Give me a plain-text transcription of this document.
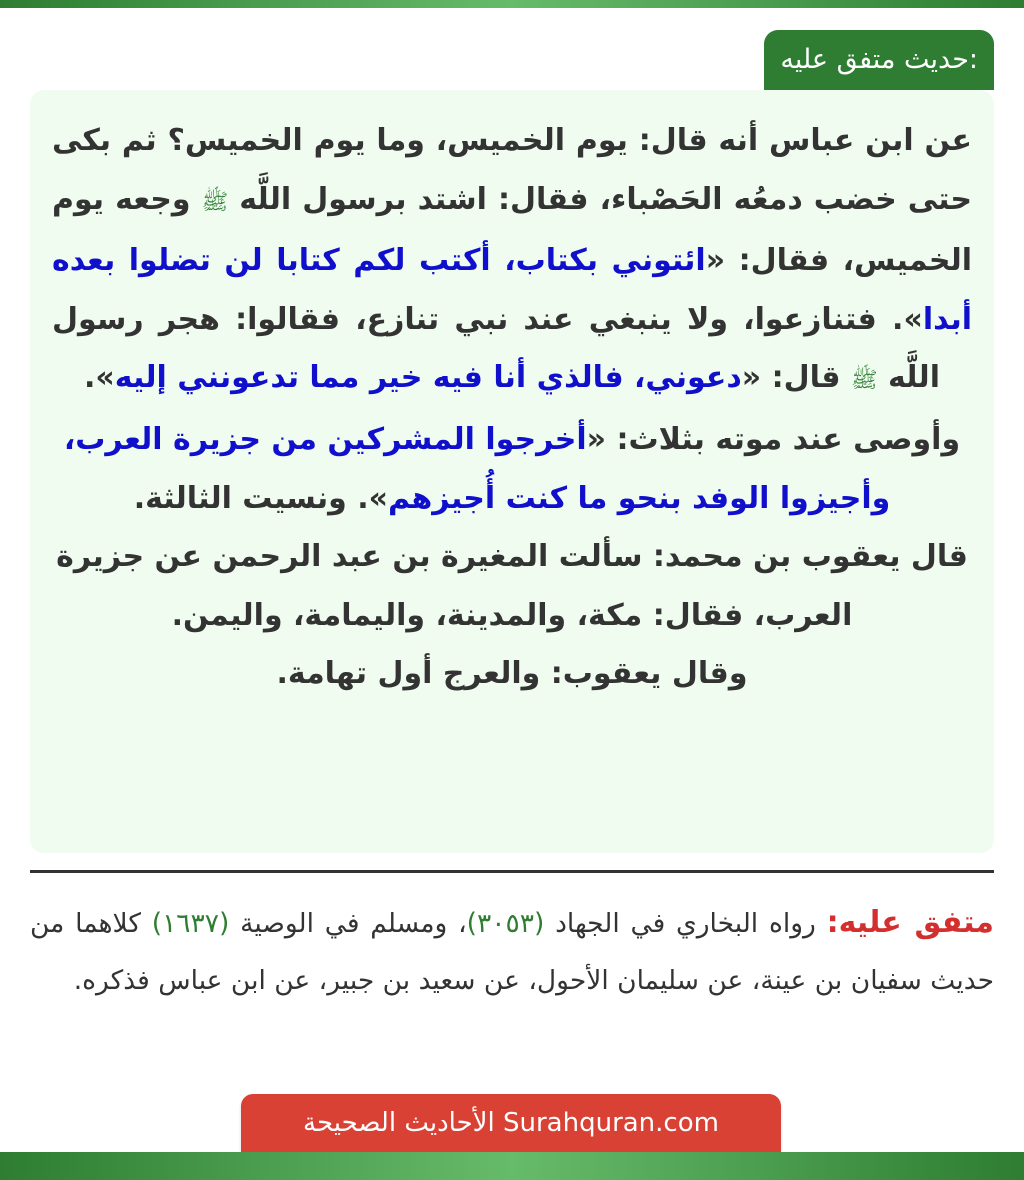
حديث متفق عليه:

عن ابن عباس أنه قال: يوم الخميس، وما يوم الخميس؟ ثم بكى حتى خضب دمعُه الحَصْباء، فقال: اشتد برسول اللَّه ﷺ وجعه يوم الخميس، فقال: «ائتوني بكتاب، أكتب لكم كتابا لن تضلوا بعده أبدا». فتنازعوا، ولا ينبغي عند نبي تنازع، فقالوا: هجر رسول اللَّه ﷺ قال: «دعوني، فالذي أنا فيه خير مما تدعونني إليه».

وأوصى عند موته بثلاث: «أخرجوا المشركين من جزيرة العرب، وأجيزوا الوفد بنحو ما كنت أُجيزهم». ونسيت الثالثة.

قال يعقوب بن محمد: سألت المغيرة بن عبد الرحمن عن جزيرة العرب، فقال: مكة، والمدينة، واليمامة، واليمن.

وقال يعقوب: والعرج أول تهامة.

متفق عليه: رواه البخاري في الجهاد (٣٠٥٣)، ومسلم في الوصية (١٦٣٧) كلاهما من حديث سفيان بن عينة، عن سليمان الأحول، عن سعيد بن جبير، عن ابن عباس فذكره.
الأحاديث الصحيحة Surahquran.com
